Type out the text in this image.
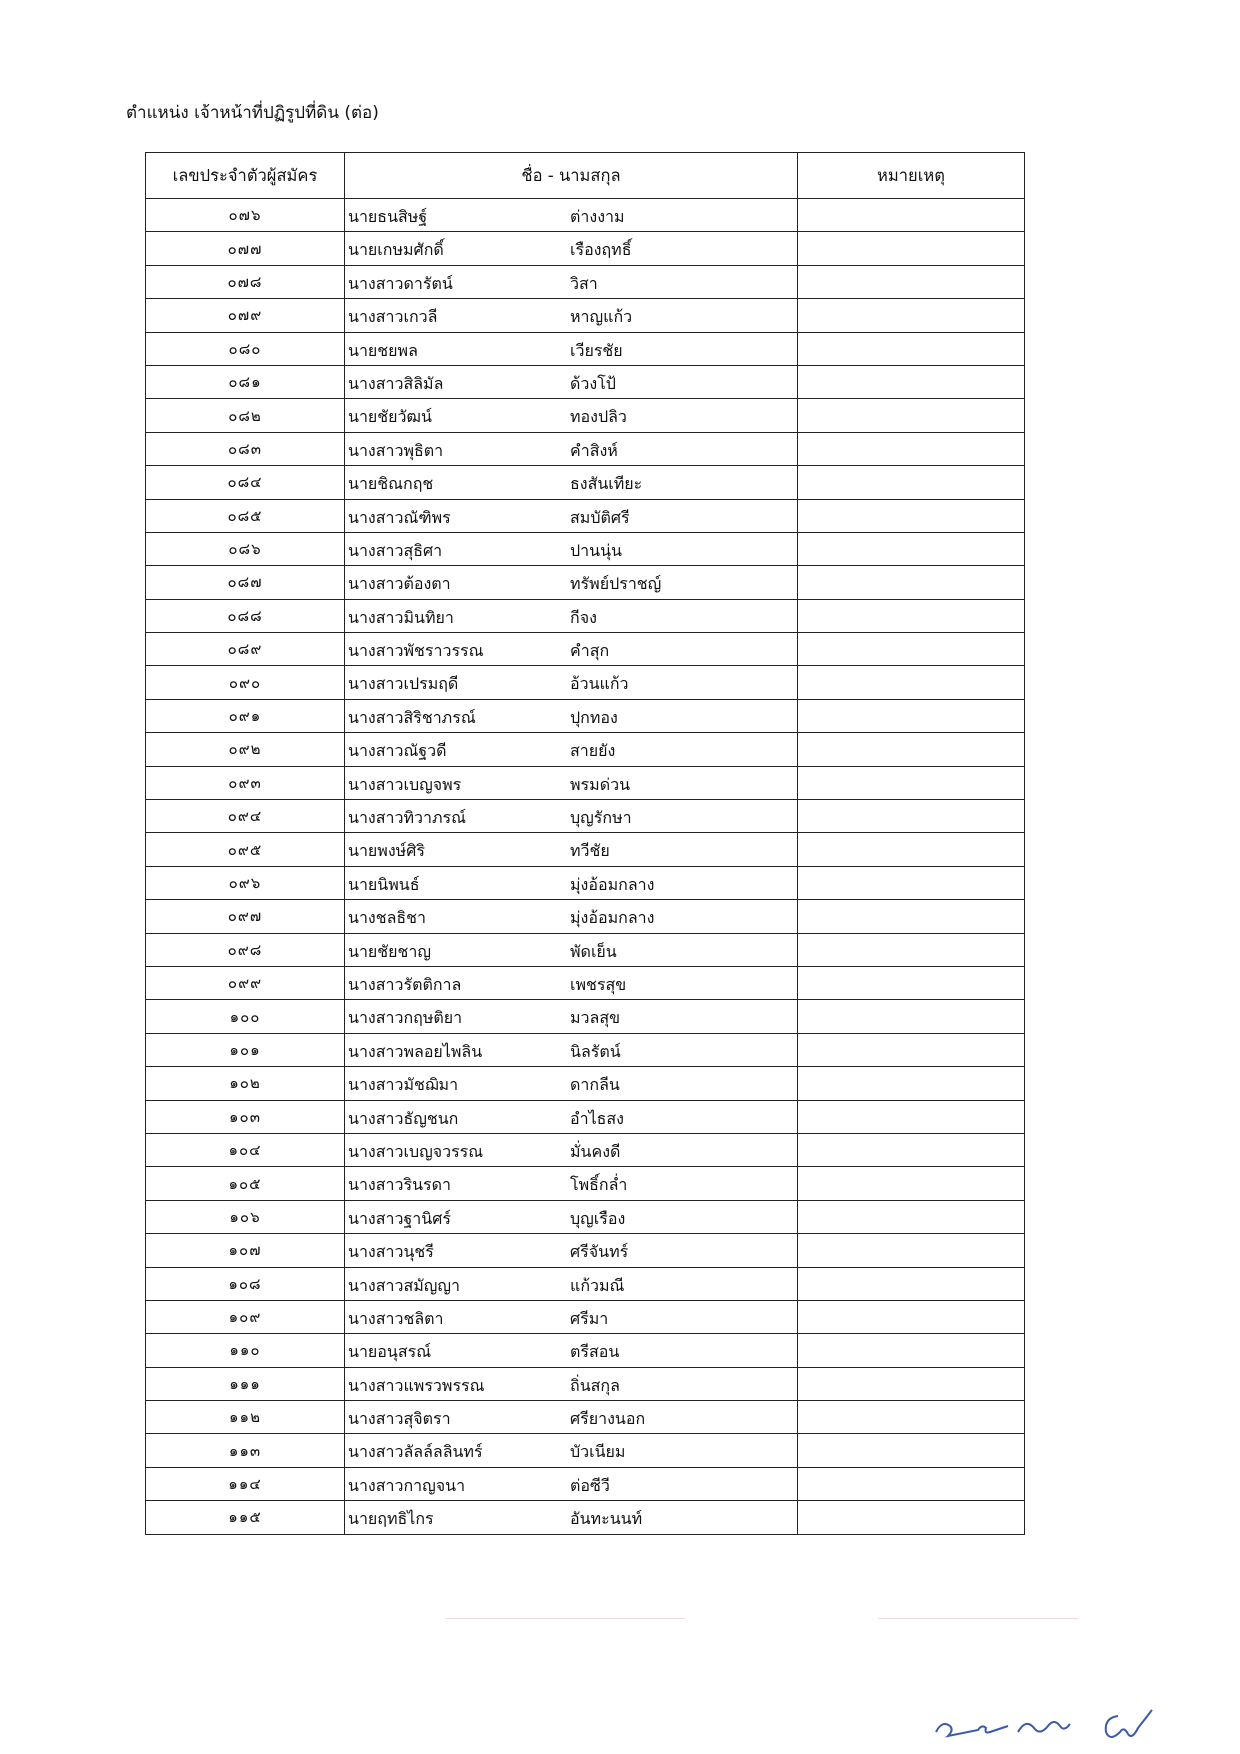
ตำแหน่ง เจ้าหน้าที่ปฏิรูปที่ดิน (ต่อ)
เลขประจำตัวผู้สมัคร	ชื่อ - นามสกุล	หมายเหตุ
๐๗๖	นายธนสิษฐ์ ต่างงาม	

๐๗๗	นายเกษมศักดิ์ เรืองฤทธิ์	

๐๗๘	นางสาวดารัตน์ วิสา	

๐๗๙	นางสาวเกวลี หาญแก้ว	

๐๘๐	นายชยพล เวียรชัย	

๐๘๑	นางสาวสิลิมัล ด้วงโป้	

๐๘๒	นายชัยวัฒน์ ทองปลิว	

๐๘๓	นางสาวพุธิตา คำสิงห์	

๐๘๔	นายชิณกฤช ธงสันเทียะ	

๐๘๕	นางสาวณัฑิพร สมบัติศรี	

๐๘๖	นางสาวสุธิศา ปานนุ่น	

๐๘๗	นางสาวต้องตา ทรัพย์ปราชญ์	

๐๘๘	นางสาวมินทิยา กีจง	

๐๘๙	นางสาวพัชราวรรณ คำสุก	

๐๙๐	นางสาวเปรมฤดี อ้วนแก้ว	

๐๙๑	นางสาวสิริชาภรณ์ ปุกทอง	

๐๙๒	นางสาวณัฐวดี สายยัง	

๐๙๓	นางสาวเบญจพร พรมด่วน	

๐๙๔	นางสาวทิวาภรณ์ บุญรักษา	

๐๙๕	นายพงษ์ศิริ ทวีชัย	

๐๙๖	นายนิพนธ์ มุ่งอ้อมกลาง	

๐๙๗	นางชลธิชา มุ่งอ้อมกลาง	

๐๙๘	นายชัยชาญ พัดเย็น	

๐๙๙	นางสาวรัตติกาล เพชรสุข	

๑๐๐	นางสาวกฤษติยา มวลสุข	

๑๐๑	นางสาวพลอยไพลิน นิลรัตน์	

๑๐๒	นางสาวมัชฌิมา ดากลีน	

๑๐๓	นางสาวธัญชนก อำไธสง	

๑๐๔	นางสาวเบญจวรรณ มั่นคงดี	

๑๐๕	นางสาวรินรดา โพธิ์กล่ำ	

๑๐๖	นางสาวฐานิศร์ บุญเรือง	

๑๐๗	นางสาวนุชรี ศรีจันทร์	

๑๐๘	นางสาวสมัญญา แก้วมณี	

๑๐๙	นางสาวชลิตา ศรีมา	

๑๑๐	นายอนุสรณ์ ตรีสอน	

๑๑๑	นางสาวแพรวพรรณ ถิ่นสกุล	

๑๑๒	นางสาวสุจิตรา ศรียางนอก	

๑๑๓	นางสาวลัลล์ลลินทร์ บัวเนียม	

๑๑๔	นางสาวกาญจนา ต่อซีวี	

๑๑๕	นายฤทธิไกร อันทะนนท์	
